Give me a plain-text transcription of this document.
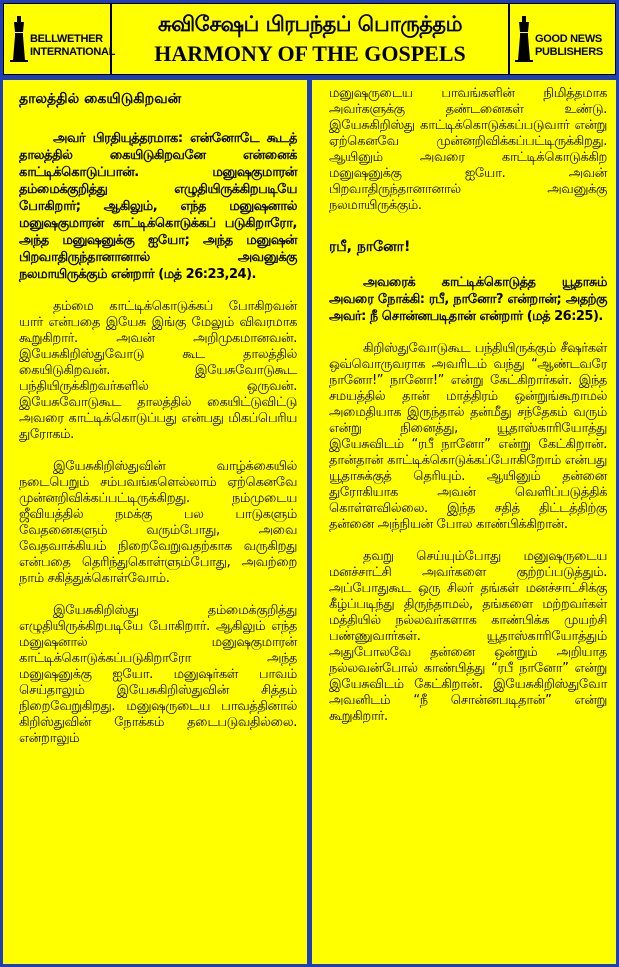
BELLWETHER
INTERNATIONAL
சுவிசேஷப் பிரபந்தப் பொருத்தம்
HARMONY OF THE GOSPELS
GOOD NEWS
PUBLISHERS
தாலத்தில் கையிடுகிறவன்

அவர் பிரதியுத்தரமாக: என்னோடே கூடத் தாலத்தில் கையிடுகிறவனே என்னைக் காட்டிக்கொடுப்பான். மனுஷகுமாரன் தம்மைக்குறித்து எழுதியிருக்கிறபடியே போகிறார்; ஆகிலும், எந்த மனுஷனால் மனுஷகுமாரன் காட்டிக்கொடுக்கப் படுகிறாரோ, அந்த மனுஷனுக்கு ஐயோ; அந்த மனுஷன் பிறவாதிருந்தானானால் அவனுக்கு நலமாயிருக்கும் என்றார் (மத் 26:23,24).

தம்மை காட்டிக்கொடுக்கப் போகிறவன் யார் என்பதை இயேசு இங்கு மேலும் விவரமாக கூறுகிறார். அவன் அறிமுகமானவன். இயேசுகிறிஸ்துவோடு கூட தாலத்தில் கையிடுகிறவன். இயேசுவோடுகூட பந்தியிருக்கிறவர்களில் ஒருவன். இயேசுவோடுகூட தாலத்தில் கையிட்டுவிட்டு அவரை காட்டிக்கொடுப்பது என்பது மிகப்பெரிய துரோகம்.

இயேசுகிறிஸ்துவின் வாழ்க்கையில் நடைபெறும் சம்பவங்களெல்லாம் ஏற்கெனவே முன்னறிவிக்கப்பட்டிருக்கிறது. நம்முடைய ஜீவியத்தில் நமக்கு பல பாடுகளும் வேதனைகளும் வரும்போது, அவை வேதவாக்கியம் நிறைவேறுவதற்காக வருகிறது என்பதை தெரிந்துகொள்ளும்போது, அவற்றை நாம் சகித்துக்கொள்வோம்.

இயேசுகிறிஸ்து தம்மைக்குறித்து எழுதியிருக்கிறபடியே போகிறார். ஆகிலும் எந்த மனுஷனால் மனுஷகுமாரன் காட்டிக்கொடுக்கப்படுகிறாரோ அந்த மனுஷனுக்கு ஐயோ. மனுஷர்கள் பாவம் செய்தாலும் இயேசுகிறிஸ்துவின் சித்தம் நிறைவேறுகிறது. மனுஷருடைய பாவத்தினால் கிறிஸ்துவின் நோக்கம் தடைபடுவதில்லை. என்றாலும்

மனுஷருடைய பாவங்களின் நிமித்தமாக அவர்களுக்கு தண்டனைகள் உண்டு. இயேசுகிறிஸ்து காட்டிக்கொடுக்கப்படுவார் என்று ஏற்கெனவே முன்னறிவிக்கப்பட்டிருக்கிறது. ஆயினும் அவரை காட்டிக்கொடுக்கிற மனுஷனுக்கு ஐயோ. அவன் பிறவாதிருந்தானானால் அவனுக்கு நலமாயிருக்கும்.

ரபீ, நானோ!

அவரைக் காட்டிக்கொடுத்த யூதாசும் அவரை நோக்கி: ரபீ, நானோ? என்றான்; அதற்கு அவர்: நீ சொன்னபடிதான் என்றார் (மத் 26:25).

கிறிஸ்துவோடுகூட பந்தியிருக்கும் சீஷர்கள் ஒவ்வொருவராக அவரிடம் வந்து “ஆண்டவரே நானோ!” நானோ!” என்று கேட்கிறார்கள். இந்த சமயத்தில் தான் மாத்திரம் ஒன்றுங்கூறாமல் அமைதியாக இருந்தால் தன்மீது சந்தேகம் வரும் என்று நினைத்து, யூதாஸ்காரியோத்து இயேசுவிடம் “ரபீ நானோ” என்று கேட்கிறான். தான்தான் காட்டிக்கொடுக்கப்போகிறோம் என்பது யூதாசுக்குத் தெரியும். ஆயினும் தன்னை துரோகியாக அவன் வெளிப்படுத்திக் கொள்ளவில்லை. இந்த சதித் திட்டத்திற்கு தன்னை அந்நியன் போல காண்பிக்கிறான்.

தவறு செய்யும்போது மனுஷருடைய மனச்சாட்சி அவர்களை குற்றப்படுத்தும். அப்போதுகூட ஒரு சிலர் தங்கள் மனச்சாட்சிக்கு கீழ்ப்படிந்து திருந்தாமல், தங்களை மற்றவர்கள் மத்தியில் நல்லவர்களாக காண்பிக்க முயற்சி பண்ணுவார்கள். யூதாஸ்காரியோத்தும் அதுபோலவே தன்னை ஒன்றும் அறியாத நல்லவன்போல் காண்பித்து “ரபீ நானோ” என்று இயேசுவிடம் கேட்கிறான். இயேசுகிறிஸ்துவோ அவனிடம் “நீ சொன்னபடிதான்” என்று கூறுகிறார்.
